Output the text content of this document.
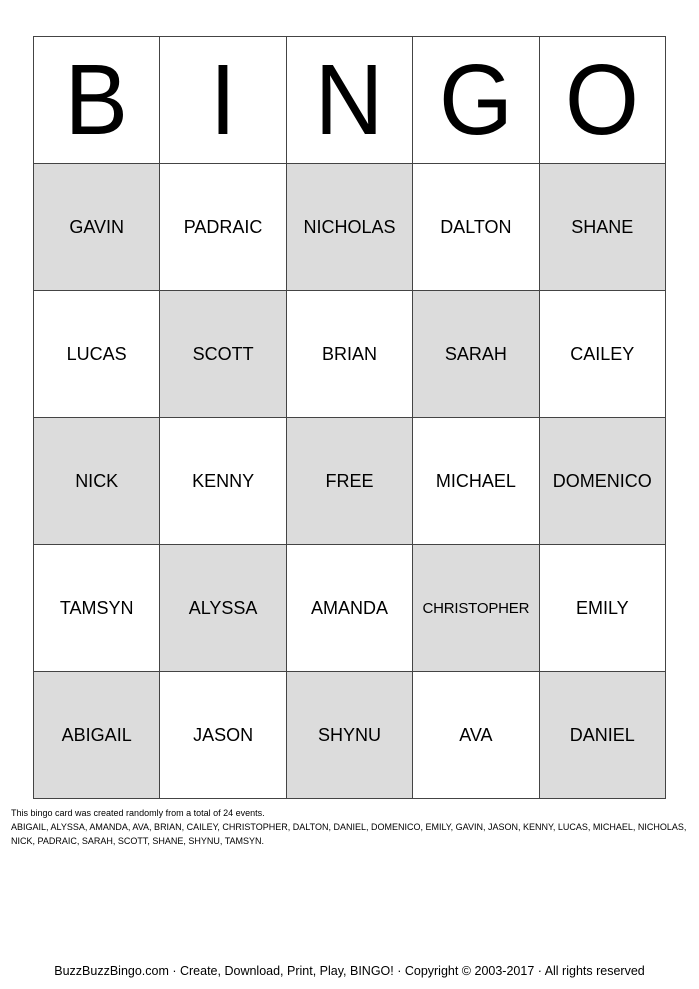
B	I	N	G	O
GAVIN	PADRAIC	NICHOLAS	DALTON	SHANE
LUCAS	SCOTT	BRIAN	SARAH	CAILEY
NICK	KENNY	FREE	MICHAEL	DOMENICO
TAMSYN	ALYSSA	AMANDA	CHRISTOPHER	EMILY
ABIGAIL	JASON	SHYNU	AVA	DANIEL

This bingo card was created randomly from a total of 24 events.

ABIGAIL, ALYSSA, AMANDA, AVA, BRIAN, CAILEY, CHRISTOPHER, DALTON, DANIEL, DOMENICO, EMILY, GAVIN, JASON, KENNY, LUCAS, MICHAEL, NICHOLAS, NICK, PADRAIC, SARAH, SCOTT, SHANE, SHYNU, TAMSYN.

BuzzBuzzBingo.com · Create, Download, Print, Play, BINGO! · Copyright © 2003-2017 · All rights reserved
